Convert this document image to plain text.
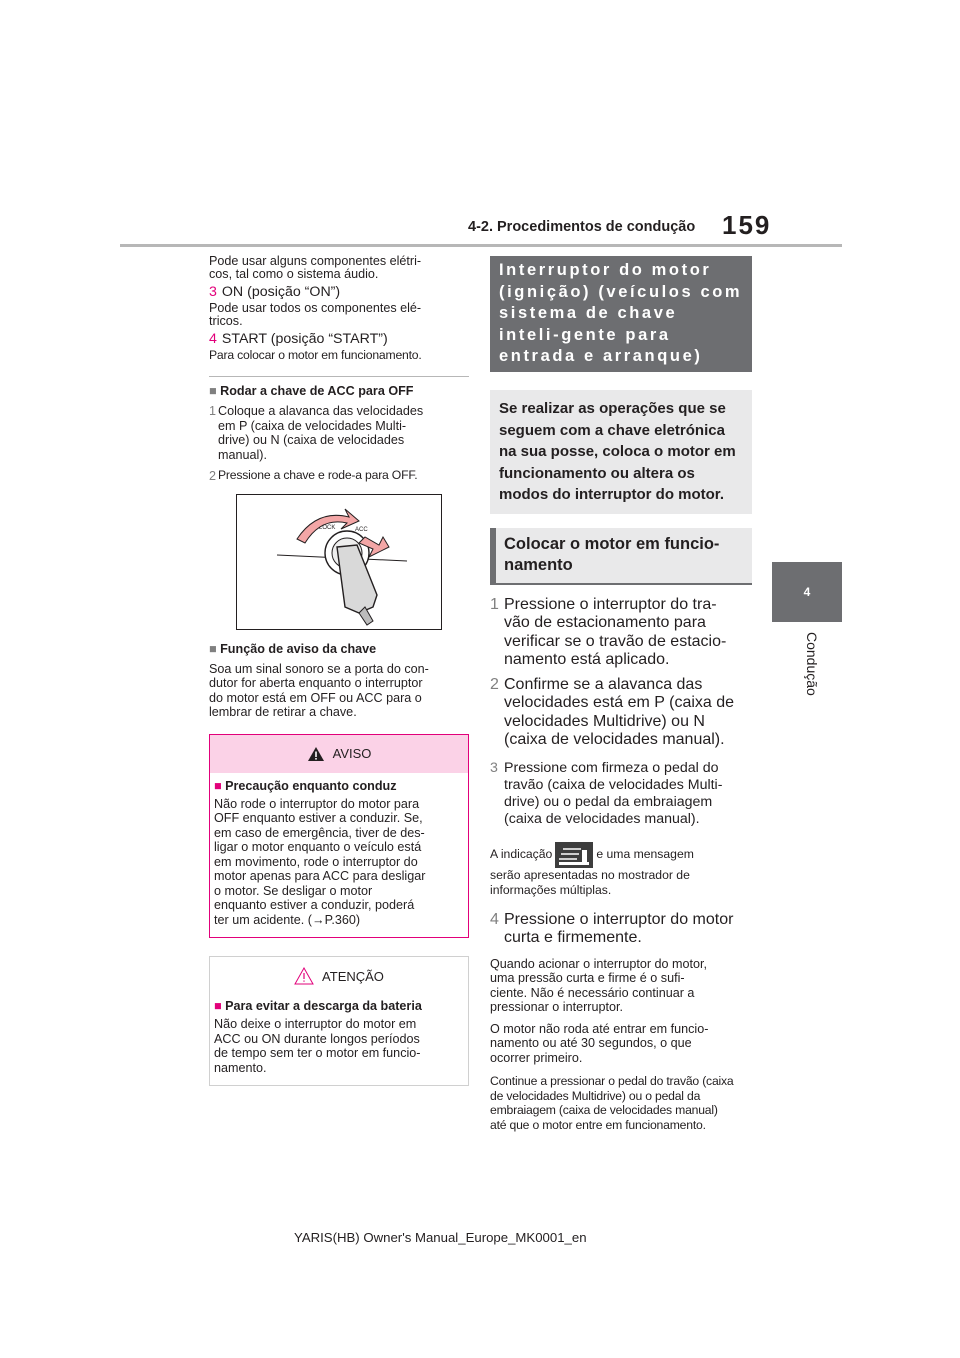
4-2. Procedimentos de condução 159
4
Condução
Pode usar alguns componentes elétri-
cos, tal como o sistema áudio.
3 ON (posição “ON”)
Pode usar todos os componentes elé-
tricos.
4 START (posição “START”)
Para colocar o motor em funcionamento.
■ Rodar a chave de ACC para OFF
1 Coloque a alavanca das velocidades
em P (caixa de velocidades Multi-
drive) ou N (caixa de velocidades
manual).
2 Pressione a chave e rode-a para OFF.
LOCK	ACC
■ Função de aviso da chave
Soa um sinal sonoro se a porta do con-
dutor for aberta enquanto o interruptor
do motor está em OFF ou ACC para o
lembrar de retirar a chave.
AVISO
■ Precaução enquanto conduz
Não rode o interruptor do motor para
OFF enquanto estiver a conduzir. Se,
em caso de emergência, tiver de des-
ligar o motor enquanto o veículo está
em movimento, rode o interruptor do
motor apenas para ACC para desligar
o motor. Se desligar o motor
enquanto estiver a conduzir, poderá
ter um acidente. (→P.360)
ATENÇÃO
■ Para evitar a descarga da bateria
Não deixe o interruptor do motor em
ACC ou ON durante longos períodos
de tempo sem ter o motor em funcio-
namento.
Interruptor do motor (ignição) (veículos com sistema de chave inteli-gente para entrada e arranque)
Se realizar as operações que se seguem com a chave eletrónica na sua posse, coloca o motor em funcionamento ou altera os modos do interruptor do motor.
Colocar o motor em funcio-namento
1 Pressione o interruptor do tra-
vão de estacionamento para
verificar se o travão de estacio-
namento está aplicado.
2 Confirme se a alavanca das
velocidades está em P (caixa de
velocidades Multidrive) ou N
(caixa de velocidades manual).
3 Pressione com firmeza o pedal do
travão (caixa de velocidades Multi-
drive) ou o pedal da embraiagem
(caixa de velocidades manual).
A indicação	e uma mensagem
serão apresentadas no mostrador de
informações múltiplas.
4 Pressione o interruptor do motor
curta e firmemente.
Quando acionar o interruptor do motor,
uma pressão curta e firme é o sufi-
ciente. Não é necessário continuar a
pressionar o interruptor.
O motor não roda até entrar em funcio-
namento ou até 30 segundos, o que
ocorrer primeiro.
Continue a pressionar o pedal do travão (caixa
de velocidades Multidrive) ou o pedal da
embraiagem (caixa de velocidades manual)
até que o motor entre em funcionamento.
YARIS(HB) Owner's Manual_Europe_MK0001_en
